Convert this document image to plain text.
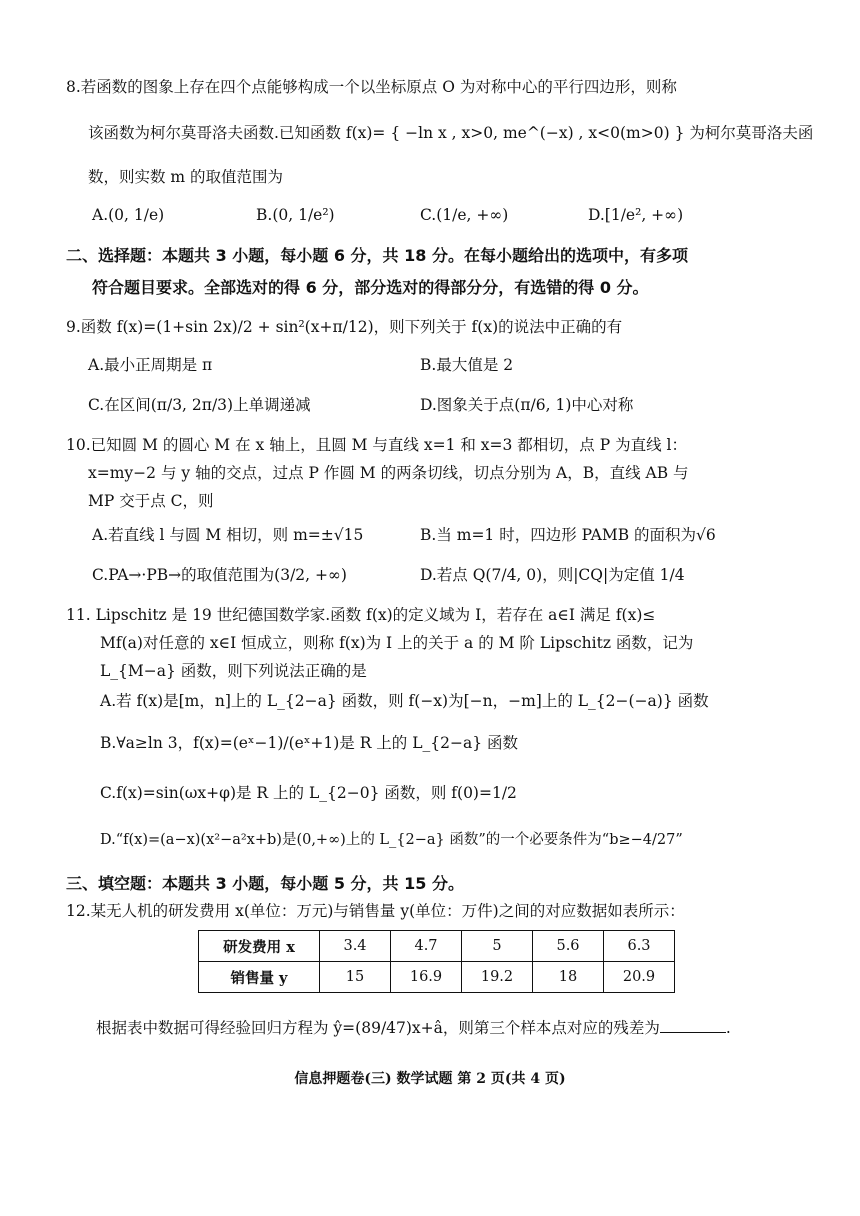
8.若函数的图象上存在四个点能够构成一个以坐标原点 O 为对称中心的平行四边形，则称
该函数为柯尔莫哥洛夫函数.已知函数 f(x)= { −ln x , x>0, me^(−x) , x<0(m>0) } 为柯尔莫哥洛夫函
数，则实数 m 的取值范围为
A.(0, 1/e)	B.(0, 1/e²)	C.(1/e, +∞)	D.[1/e², +∞)
二、选择题：本题共 3 小题，每小题 6 分，共 18 分。在每小题给出的选项中，有多项
符合题目要求。全部选对的得 6 分，部分选对的得部分分，有选错的得 0 分。
9.函数 f(x)=(1+sin 2x)/2 + sin²(x+π/12)，则下列关于 f(x)的说法中正确的有
A.最小正周期是 π	B.最大值是 2
C.在区间(π/3, 2π/3)上单调递减	D.图象关于点(π/6, 1)中心对称
10.已知圆 M 的圆心 M 在 x 轴上，且圆 M 与直线 x=1 和 x=3 都相切，点 P 为直线 l：
x=my−2 与 y 轴的交点，过点 P 作圆 M 的两条切线，切点分别为 A，B，直线 AB 与
MP 交于点 C，则
A.若直线 l 与圆 M 相切，则 m=±√15	B.当 m=1 时，四边形 PAMB 的面积为√6
C.PA→·PB→的取值范围为(3/2, +∞)	D.若点 Q(7/4, 0)，则|CQ|为定值 1/4
11. Lipschitz 是 19 世纪德国数学家.函数 f(x)的定义域为 I，若存在 a∈I 满足 f(x)≤
Mf(a)对任意的 x∈I 恒成立，则称 f(x)为 I 上的关于 a 的 M 阶 Lipschitz 函数，记为
L_{M−a} 函数，则下列说法正确的是
A.若 f(x)是[m，n]上的 L_{2−a} 函数，则 f(−x)为[−n，−m]上的 L_{2−(−a)} 函数
B.∀a≥ln 3，f(x)=(eˣ−1)/(eˣ+1)是 R 上的 L_{2−a} 函数
C.f(x)=sin(ωx+φ)是 R 上的 L_{2−0} 函数，则 f(0)=1/2
D.“f(x)=(a−x)(x²−a²x+b)是(0,+∞)上的 L_{2−a} 函数”的一个必要条件为“b≥−4/27”
三、填空题：本题共 3 小题，每小题 5 分，共 15 分。
12.某无人机的研发费用 x(单位：万元)与销售量 y(单位：万件)之间的对应数据如表所示：
研发费用 x	3.4	4.7	5	5.6	6.3
销售量 y	15	16.9	19.2	18	20.9
根据表中数据可得经验回归方程为 ŷ=(89/47)x+â，则第三个样本点对应的残差为	.
信息押题卷(三) 数学试题 第 2 页(共 4 页)
